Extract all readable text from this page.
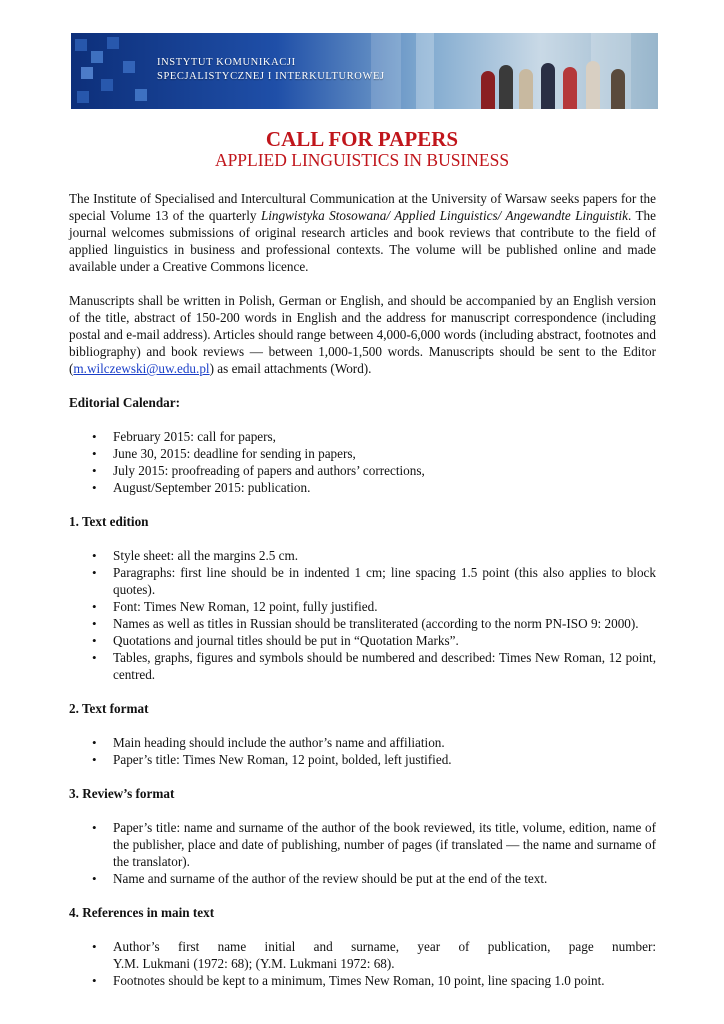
INSTYTUT KOMUNIKACJI
SPECJALISTYCZNEJ I INTERKULTUROWEJ
CALL FOR PAPERS
APPLIED LINGUISTICS IN BUSINESS

The Institute of Specialised and Intercultural Communication at the University of Warsaw seeks papers for the special Volume 13 of the quarterly Lingwistyka Stosowana/ Applied Linguistics/ Angewandte Linguistik. The journal welcomes submissions of original research articles and book reviews that contribute to the field of applied linguistics in business and professional contexts. The volume will be published online and made available under a Creative Commons licence.

Manuscripts shall be written in Polish, German or English, and should be accompanied by an English version of the title, abstract of 150-200 words in English and the address for manuscript correspondence (including postal and e-mail address). Articles should range between 4,000-6,000 words (including abstract, footnotes and bibliography) and book reviews — between 1,000-1,500 words. Manuscripts should be sent to the Editor (m.wilczewski@uw.edu.pl) as email attachments (Word).

Editorial Calendar:

• February 2015: call for papers,
• June 30, 2015: deadline for sending in papers,
• July 2015: proofreading of papers and authors’ corrections,
• August/September 2015: publication.

1. Text edition

• Style sheet: all the margins 2.5 cm.
• Paragraphs: first line should be in indented 1 cm; line spacing 1.5 point (this also applies to block quotes).
• Font: Times New Roman, 12 point, fully justified.
• Names as well as titles in Russian should be transliterated (according to the norm PN-ISO 9: 2000).
• Quotations and journal titles should be put in “Quotation Marks”.
• Tables, graphs, figures and symbols should be numbered and described: Times New Roman, 12 point, centred.

2. Text format

• Main heading should include the author’s name and affiliation.
• Paper’s title: Times New Roman, 12 point, bolded, left justified.

3. Review’s format

• Paper’s title: name and surname of the author of the book reviewed, its title, volume, edition, name of the publisher, place and date of publishing, number of pages (if translated — the name and surname of the translator).
• Name and surname of the author of the review should be put at the end of the text.

4. References in main text

• Author’s first name initial and surname, year of publication, page number:
Y.M. Lukmani (1972: 68); (Y.M. Lukmani 1972: 68).
• Footnotes should be kept to a minimum, Times New Roman, 10 point, line spacing 1.0 point.
